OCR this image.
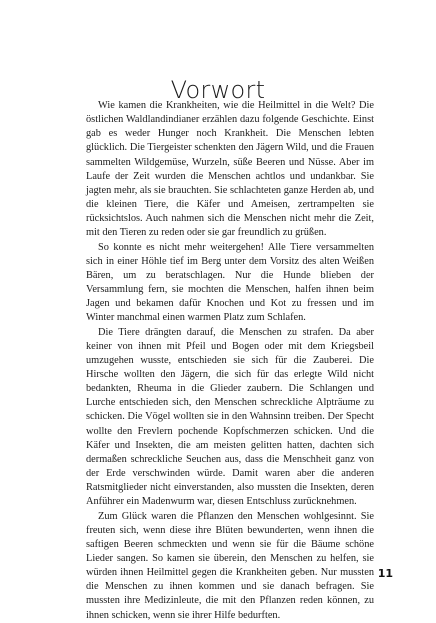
Vorwort

Wie kamen die Krankheiten, wie die Heilmittel in die Welt? Die östlichen Waldlandindianer erzählen dazu folgende Geschichte. Einst gab es weder Hunger noch Krankheit. Die Menschen lebten glücklich. Die Tiergeister schenkten den Jägern Wild, und die Frauen sammelten Wildgemüse, Wurzeln, süße Beeren und Nüsse. Aber im Laufe der Zeit wurden die Menschen achtlos und undankbar. Sie jagten mehr, als sie brauchten. Sie schlachteten ganze Herden ab, und die kleinen Tiere, die Käfer und Ameisen, zertrampelten sie rücksichtslos. Auch nahmen sich die Menschen nicht mehr die Zeit, mit den Tieren zu reden oder sie gar freundlich zu grüßen.

So konnte es nicht mehr weitergehen! Alle Tiere versammelten sich in einer Höhle tief im Berg unter dem Vorsitz des alten Weißen Bären, um zu beratschlagen. Nur die Hunde blieben der Versammlung fern, sie mochten die Menschen, halfen ihnen beim Jagen und bekamen dafür Knochen und Kot zu fressen und im Winter manchmal einen warmen Platz zum Schlafen.

Die Tiere drängten darauf, die Menschen zu strafen. Da aber keiner von ihnen mit Pfeil und Bogen oder mit dem Kriegsbeil umzugehen wusste, entschieden sie sich für die Zauberei. Die Hirsche wollten den Jägern, die sich für das erlegte Wild nicht bedankten, Rheuma in die Glieder zaubern. Die Schlangen und Lurche entschieden sich, den Menschen schreckliche Alpträume zu schicken. Die Vögel wollten sie in den Wahnsinn treiben. Der Specht wollte den Frevlern pochende Kopfschmerzen schicken. Und die Käfer und Insekten, die am meisten gelitten hatten, dachten sich dermaßen schreckliche Seuchen aus, dass die Menschheit ganz von der Erde verschwinden würde. Damit waren aber die anderen Ratsmitglieder nicht einverstanden, also mussten die Insekten, deren Anführer ein Madenwurm war, diesen Entschluss zurücknehmen.

Zum Glück waren die Pflanzen den Menschen wohlgesinnt. Sie freuten sich, wenn diese ihre Blüten bewunderten, wenn ihnen die saftigen Beeren schmeckten und wenn sie für die Bäume schöne Lieder sangen. So kamen sie überein, den Menschen zu helfen, sie würden ihnen Heilmittel gegen die Krankheiten geben. Nur mussten die Menschen zu ihnen kommen und sie danach befragen. Sie mussten ihre Medizinleute, die mit den Pflanzen reden können, zu ihnen schicken, wenn sie ihrer Hilfe bedurften.

11
